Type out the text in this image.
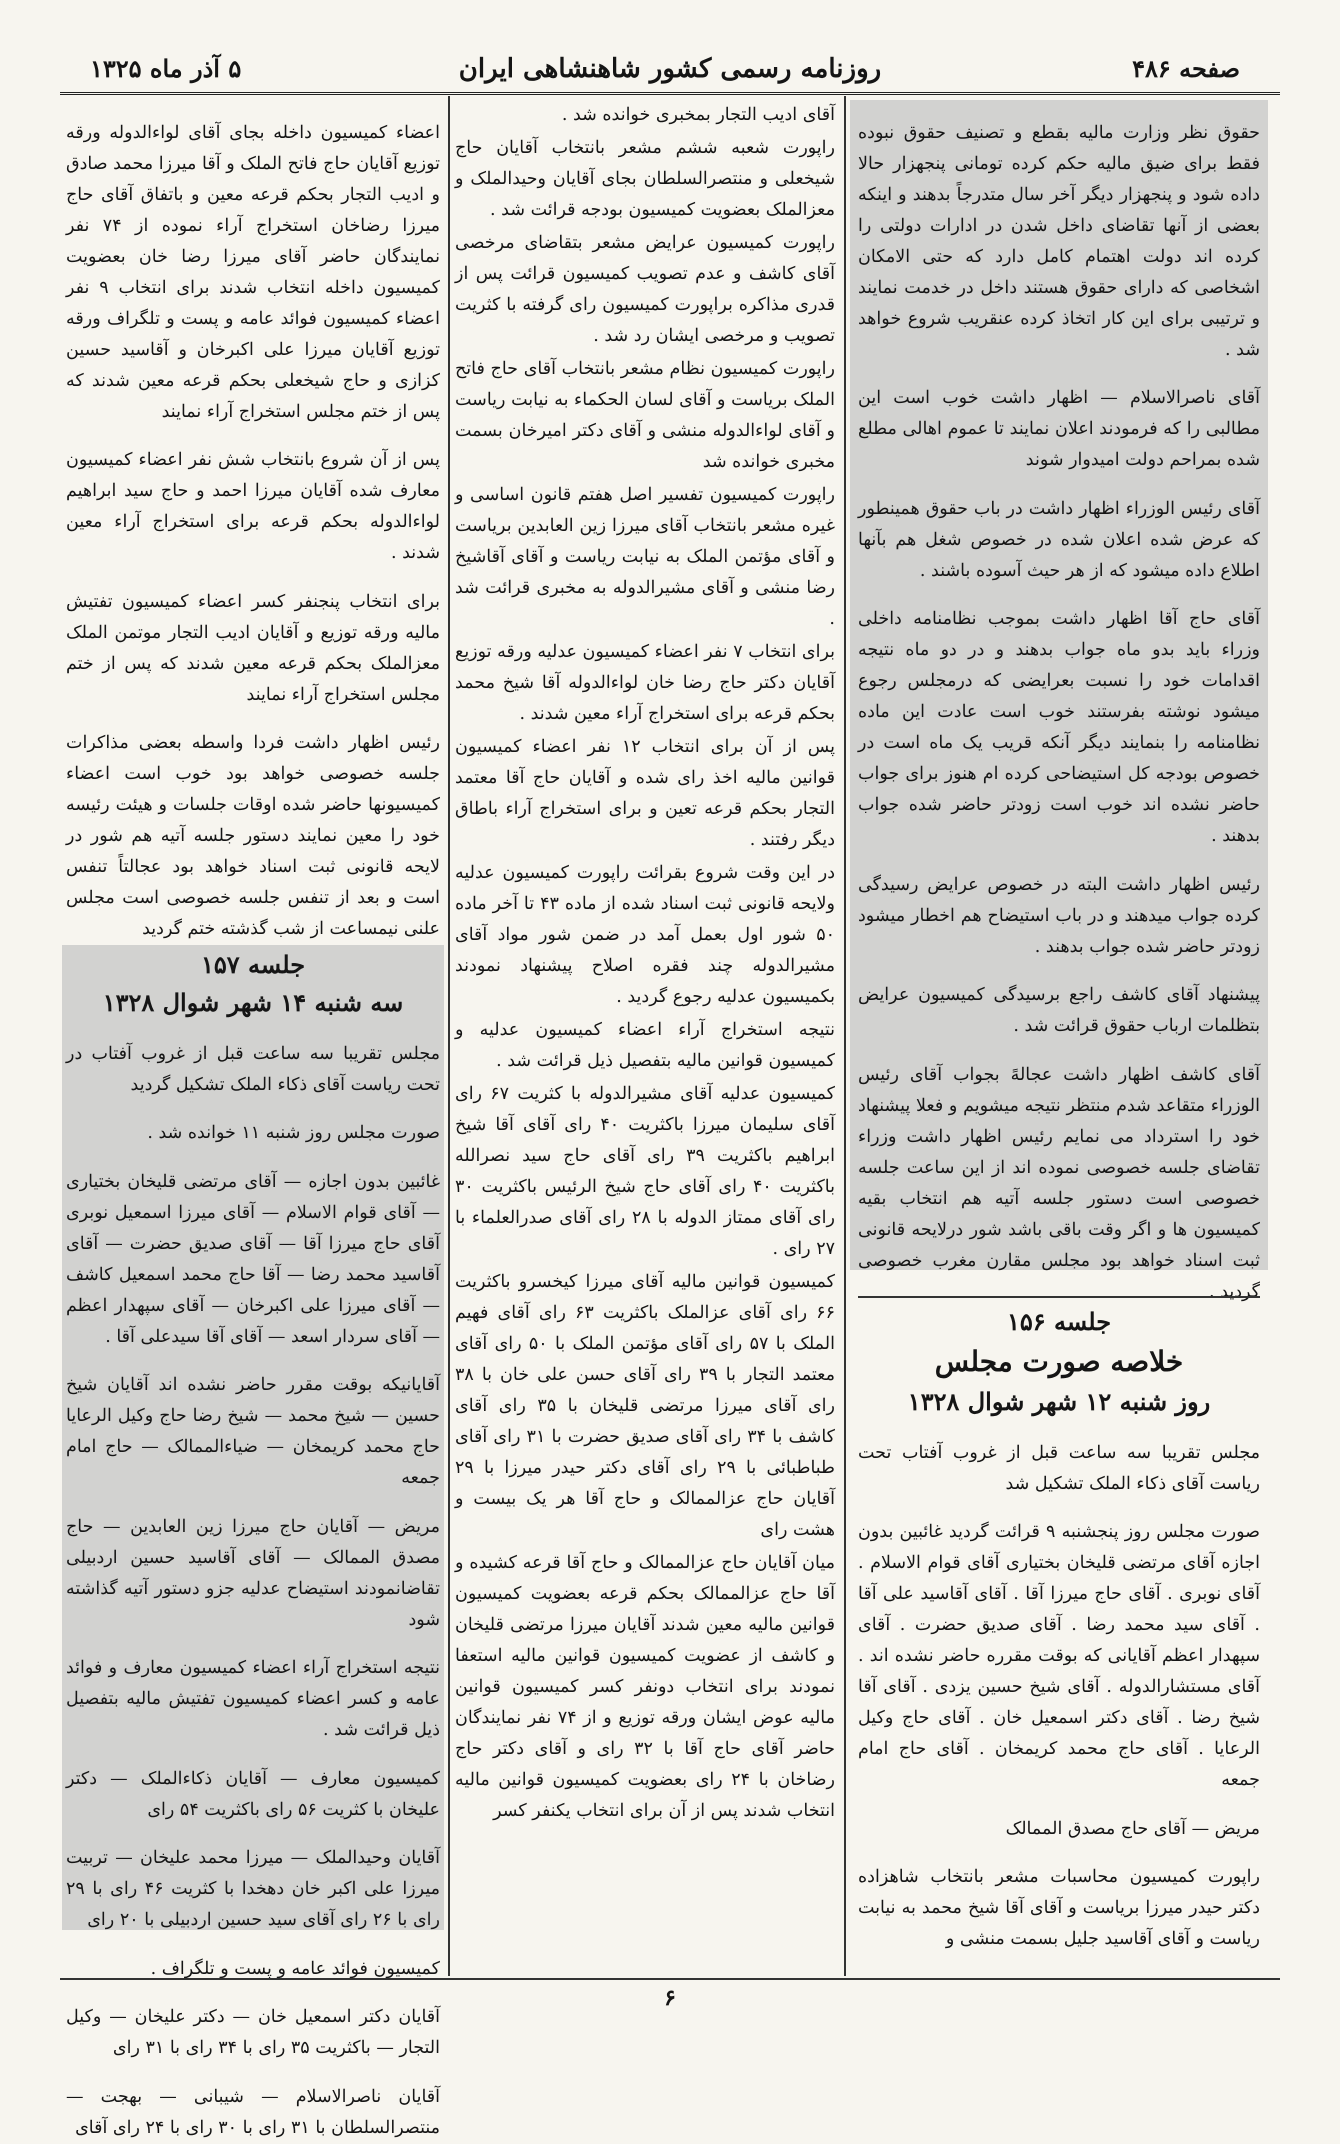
صفحه ۴۸۶
روزنامه رسمی کشور شاهنشاهی ایران
۵ آذر ماه ۱۳۲۵

حقوق نظر وزارت مالیه بقطع و تصنیف حقوق نبوده فقط برای ضیق مالیه حکم کرده تومانی پنجهزار حالا داده شود و پنجهزار دیگر آخر سال متدرجاً بدهند و اینکه بعضی از آنها تقاضای داخل شدن در ادارات دولتی را کرده اند دولت اهتمام کامل دارد که حتی الامکان اشخاصی که دارای حقوق هستند داخل در خدمت نمایند و ترتیبی برای این کار اتخاذ کرده عنقریب شروع خواهد شد .

آقای ناصرالاسلام — اظهار داشت خوب است این مطالبی را که فرمودند اعلان نمایند تا عموم اهالی مطلع شده بمراحم دولت امیدوار شوند

آقای رئیس الوزراء اظهار داشت در باب حقوق همینطور که عرض شده اعلان شده در خصوص شغل هم بآنها اطلاع داده میشود که از هر حیث آسوده باشند .

آقای حاج آقا اظهار داشت بموجب نظامنامه داخلی وزراء باید بدو ماه جواب بدهند و در دو ماه نتیجه اقدامات خود را نسبت بعرایضی که درمجلس رجوع میشود نوشته بفرستند خوب است عادت این ماده نظامنامه را بنمایند دیگر آنکه قریب یک ماه است در خصوص بودجه کل استیضاحی کرده ام هنوز برای جواب حاضر نشده اند خوب است زودتر حاضر شده جواب بدهند .

رئیس اظهار داشت البته در خصوص عرایض رسیدگی کرده جواب میدهند و در باب استیضاح هم اخطار میشود زودتر حاضر شده جواب بدهند .

پیشنهاد آقای کاشف راجع برسیدگی کمیسیون عرایض بتظلمات ارباب حقوق قرائت شد .

آقای کاشف اظهار داشت عجالهً بجواب آقای رئیس الوزراء متقاعد شدم منتظر نتیجه میشویم و فعلا پیشنهاد خود را استرداد می نمایم رئیس اظهار داشت وزراء تقاضای جلسه خصوصی نموده اند از این ساعت جلسه خصوصی است دستور جلسه آتیه هم انتخاب بقیه کمیسیون ها و اگر وقت باقی باشد شور درلایحه قانونی ثبت اسناد خواهد بود مجلس مقارن مغرب خصوصی گردید .

جلسه ۱۵۶
خلاصه صورت مجلس
روز شنبه ۱۲ شهر شوال ۱۳۲۸

مجلس تقریبا سه ساعت قبل از غروب آفتاب تحت ریاست آقای ذکاء الملک تشکیل شد

صورت مجلس روز پنجشنبه ۹ قرائت گردید غائبین بدون اجازه آقای مرتضی قلیخان بختیاری آقای قوام الاسلام . آقای نوبری . آقای حاج میرزا آقا . آقای آقاسید علی آقا . آقای سید محمد رضا . آقای صدیق حضرت . آقای سپهدار اعظم آقایانی که بوقت مقرره حاضر نشده اند . آقای مستشارالدوله . آقای شیخ حسین یزدی . آقای آقا شیخ رضا . آقای دکتر اسمعیل خان . آقای حاج وکیل الرعایا . آقای حاج محمد کریمخان . آقای حاج امام جمعه

مریض — آقای حاج مصدق الممالک

راپورت کمیسیون محاسبات مشعر بانتخاب شاهزاده دکتر حیدر میرزا بریاست و آقای آقا شیخ محمد به نیابت ریاست و آقای آقاسید جلیل بسمت منشی و

آقای ادیب التجار بمخبری خوانده شد .

راپورت شعبه ششم مشعر بانتخاب آقایان حاج شیخعلی و منتصرالسلطان بجای آقایان وحیدالملک و معزالملک بعضویت کمیسیون بودجه قرائت شد .

راپورت کمیسیون عرایض مشعر بتقاضای مرخصی آقای کاشف و عدم تصویب کمیسیون قرائت پس از قدری مذاکره براپورت کمیسیون رای گرفته با کثریت تصویب و مرخصی ایشان رد شد .

راپورت کمیسیون نظام مشعر بانتخاب آقای حاج فاتح الملک بریاست و آقای لسان الحکماء به نیابت ریاست و آقای لواءالدوله منشی و آقای دکتر امیرخان بسمت مخبری خوانده شد

راپورت کمیسیون تفسیر اصل هفتم قانون اساسی و غیره مشعر بانتخاب آقای میرزا زین العابدین بریاست و آقای مؤتمن الملک به نیابت ریاست و آقای آقاشیخ رضا منشی و آقای مشیرالدوله به مخبری قرائت شد .

برای انتخاب ۷ نفر اعضاء کمیسیون عدلیه ورقه توزیع آقایان دکتر حاج رضا خان لواءالدوله آقا شیخ محمد بحکم قرعه برای استخراج آراء معین شدند .

پس از آن برای انتخاب ۱۲ نفر اعضاء کمیسیون قوانین مالیه اخذ رای شده و آقایان حاج آقا معتمد التجار بحکم قرعه تعین و برای استخراج آراء باطاق دیگر رفتند .

در این وقت شروع بقرائت راپورت کمیسیون عدلیه ولایحه قانونی ثبت اسناد شده از ماده ۴۳ تا آخر ماده ۵۰ شور اول بعمل آمد در ضمن شور مواد آقای مشیرالدوله چند فقره اصلاح پیشنهاد نمودند بکمیسیون عدلیه رجوع گردید .

نتیجه استخراج آراء اعضاء کمیسیون عدلیه و کمیسیون قوانین مالیه بتفصیل ذیل قرائت شد .

کمیسیون عدلیه آقای مشیرالدوله با کثریت ۶۷ رای آقای سلیمان میرزا باکثریت ۴۰ رای آقای آقا شیخ ابراهیم باکثریت ۳۹ رای آقای حاج سید نصرالله باکثریت ۴۰ رای آقای حاج شیخ الرئیس باکثریت ۳۰ رای آقای ممتاز الدوله با ۲۸ رای آقای صدرالعلماء با ۲۷ رای .

کمیسیون قوانین مالیه آقای میرزا کیخسرو باکثریت ۶۶ رای آقای عزالملک باکثریت ۶۳ رای آقای فهیم الملک با ۵۷ رای آقای مؤتمن الملک با ۵۰ رای آقای معتمد التجار با ۳۹ رای آقای حسن علی خان با ۳۸ رای آقای میرزا مرتضی قلیخان با ۳۵ رای آقای کاشف با ۳۴ رای آقای صدیق حضرت با ۳۱ رای آقای طباطبائی با ۲۹ رای آقای دکتر حیدر میرزا با ۲۹ آقایان حاج عزالممالک و حاج آقا هر یک بیست و هشت رای

میان آقایان حاج عزالممالک و حاج آقا قرعه کشیده و آقا حاج عزالممالک بحکم قرعه بعضویت کمیسیون قوانین مالیه معین شدند آقایان میرزا مرتضی قلیخان و کاشف از عضویت کمیسیون قوانین مالیه استعفا نمودند برای انتخاب دونفر کسر کمیسیون قوانین مالیه عوض ایشان ورقه توزیع و از ۷۴ نفر نمایندگان حاضر آقای حاج آقا با ۳۲ رای و آقای دکتر حاج رضاخان با ۲۴ رای بعضویت کمیسیون قوانین مالیه انتخاب شدند پس از آن برای انتخاب یکنفر کسر

اعضاء کمیسیون داخله بجای آقای لواءالدوله ورقه توزیع آقایان حاج فاتح الملک و آقا میرزا محمد صادق و ادیب التجار بحکم قرعه معین و باتفاق آقای حاج میرزا رضاخان استخراج آراء نموده از ۷۴ نفر نمایندگان حاضر آقای میرزا رضا خان بعضویت کمیسیون داخله انتخاب شدند برای انتخاب ۹ نفر اعضاء کمیسیون فوائد عامه و پست و تلگراف ورقه توزیع آقایان میرزا علی اکبرخان و آقاسید حسین کزازی و حاج شیخعلی بحکم قرعه معین شدند که پس از ختم مجلس استخراج آراء نمایند

پس از آن شروع بانتخاب شش نفر اعضاء کمیسیون معارف شده آقایان میرزا احمد و حاج سید ابراهیم لواءالدوله بحکم قرعه برای استخراج آراء معین شدند .

برای انتخاب پنجنفر کسر اعضاء کمیسیون تفتیش مالیه ورقه توزیع و آقایان ادیب التجار موتمن الملک معزالملک بحکم قرعه معین شدند که پس از ختم مجلس استخراج آراء نمایند

رئیس اظهار داشت فردا واسطه بعضی مذاکرات جلسه خصوصی خواهد بود خوب است اعضاء کمیسیونها حاضر شده اوقات جلسات و هیئت رئیسه خود را معین نمایند دستور جلسه آتیه هم شور در لایحه قانونی ثبت اسناد خواهد بود عجالتاً تنفس است و بعد از تنفس جلسه خصوصی است مجلس علنی نیمساعت از شب گذشته ختم گردید

جلسه ۱۵۷
سه شنبه ۱۴ شهر شوال ۱۳۲۸

مجلس تقریبا سه ساعت قبل از غروب آفتاب در تحت ریاست آقای ذکاء الملک تشکیل گردید

صورت مجلس روز شنبه ۱۱ خوانده شد .

غائبین بدون اجازه — آقای مرتضی قلیخان بختیاری — آقای قوام الاسلام — آقای میرزا اسمعیل نوبری آقای حاج میرزا آقا — آقای صدیق حضرت — آقای آقاسید محمد رضا — آقا حاج محمد اسمعیل کاشف — آقای میرزا علی اکبرخان — آقای سپهدار اعظم — آقای سردار اسعد — آقای آقا سیدعلی آقا .

آقایانیکه بوقت مقرر حاضر نشده اند آقایان شیخ حسین — شیخ محمد — شیخ رضا حاج وکیل الرعایا حاج محمد کریمخان — ضیاءالممالک — حاج امام جمعه

مریض — آقایان حاج میرزا زین العابدین — حاج مصدق الممالک — آقای آقاسید حسین اردبیلی تقاضانمودند استیضاح عدلیه جزو دستور آتیه گذاشته شود

نتیجه استخراج آراء اعضاء کمیسیون معارف و فوائد عامه و کسر اعضاء کمیسیون تفتیش مالیه بتفصیل ذیل قرائت شد .

کمیسیون معارف — آقایان ذکاءالملک — دکتر علیخان با کثریت ۵۶ رای باکثریت ۵۴ رای

آقایان وحیدالملک — میرزا محمد علیخان — تربیت میرزا علی اکبر خان دهخدا با کثریت ۴۶ رای با ۲۹ رای با ۲۶ رای آقای سید حسین اردبیلی با ۲۰ رای

کمیسیون فوائد عامه و پست و تلگراف .

آقایان دکتر اسمعیل خان — دکتر علیخان — وکیل التجار — باکثریت ۳۵ رای با ۳۴ رای با ۳۱ رای

آقایان ناصرالاسلام — شیبانی — بهجت — منتصرالسلطان با ۳۱ رای با ۳۰ رای با ۲۴ رای آقای

۶
